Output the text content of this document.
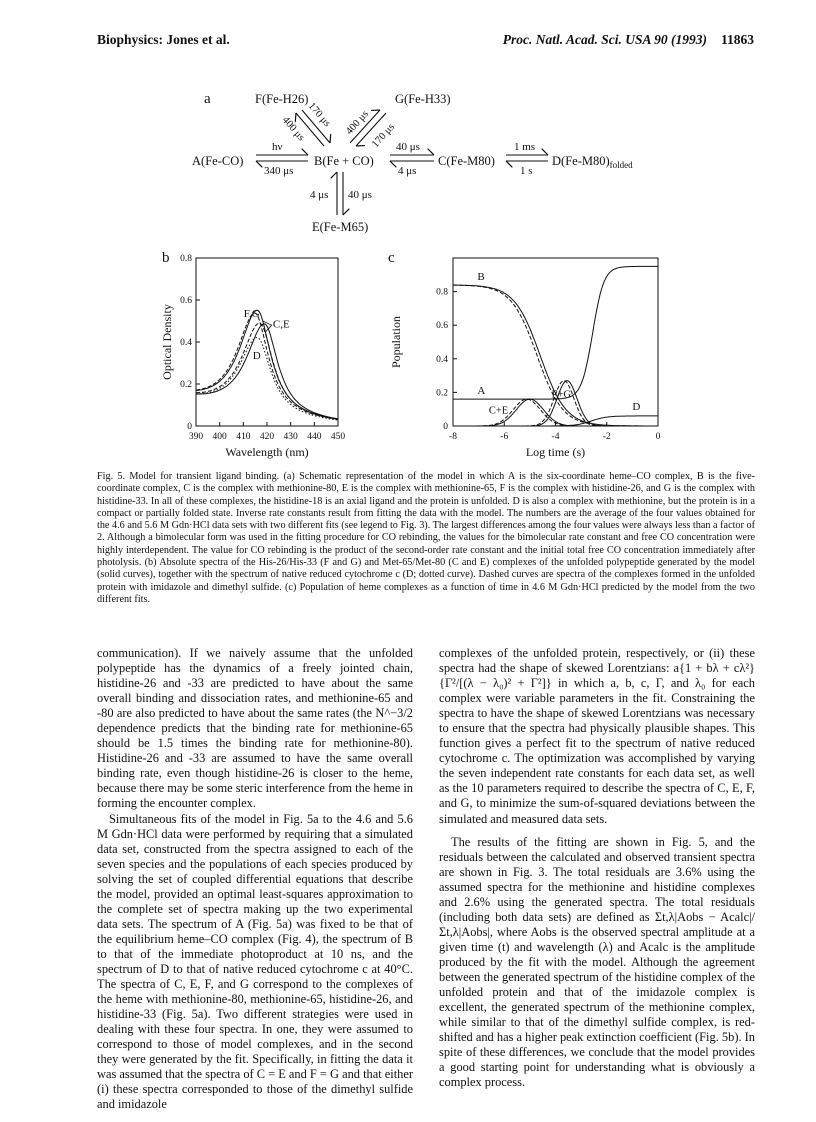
Biophysics: Jones et al.	Proc. Natl. Acad. Sci. USA 90 (1993) 11863
a	F(Fe-H26)	G(Fe-H33)
A(Fe-CO)	B(Fe + CO)	C(Fe-M80)	$D(Fe-M80)_{folded}$
E(Fe-M65)
hν
340 μs
40 μs
4 μs
1 ms
1 s
4 μs 40 μs
170 μs
400 μs	400 μs 170 μs
b
390 400 410 420 430 440 450
0
0.2
0.4
0.6
0.8
Wavelength (nm)
Optical Density	F,G
C,E
D
c
-8	-6	-4	-2	0
0
0.2
0.4
0.6
0.8
Log time (s)
Population
B
A
C+E
F+G
D
Fig. 5. Model for transient ligand binding. (a) Schematic representation of the model in which A is the six-coordinate heme–CO complex, B is the five-coordinate complex, C is the complex with methionine-80, E is the complex with methionine-65, F is the complex with histidine-26, and G is the complex with histidine-33. In all of these complexes, the histidine-18 is an axial ligand and the protein is unfolded. D is also a complex with methionine, but the protein is in a compact or partially folded state. Inverse rate constants result from fitting the data with the model. The numbers are the average of the four values obtained for the 4.6 and 5.6 M Gdn·HCl data sets with two different fits (see legend to Fig. 3). The largest differences among the four values were always less than a factor of 2. Although a bimolecular form was used in the fitting procedure for CO rebinding, the values for the bimolecular rate constant and free CO concentration were highly interdependent. The value for CO rebinding is the product of the second-order rate constant and the initial total free CO concentration immediately after photolysis. (b) Absolute spectra of the His-26/His-33 (F and G) and Met-65/Met-80 (C and E) complexes of the unfolded polypeptide generated by the model (solid curves), together with the spectrum of native reduced cytochrome c (D; dotted curve). Dashed curves are spectra of the complexes formed in the unfolded protein with imidazole and dimethyl sulfide. (c) Population of heme complexes as a function of time in 4.6 M Gdn·HCl predicted by the model from the two different fits.

communication). If we naively assume that the unfolded polypeptide has the dynamics of a freely jointed chain, histidine-26 and -33 are predicted to have about the same overall binding and dissociation rates, and methionine-65 and -80 are also predicted to have about the same rates (the N^−3/2 dependence predicts that the binding rate for methionine-65 should be 1.5 times the binding rate for methionine-80). Histidine-26 and -33 are assumed to have the same overall binding rate, even though histidine-26 is closer to the heme, because there may be some steric interference from the heme in forming the encounter complex.

Simultaneous fits of the model in Fig. 5a to the 4.6 and 5.6 M Gdn·HCl data were performed by requiring that a simulated data set, constructed from the spectra assigned to each of the seven species and the populations of each species produced by solving the set of coupled differential equations that describe the model, provided an optimal least-squares approximation to the complete set of spectra making up the two experimental data sets. The spectrum of A (Fig. 5a) was fixed to be that of the equilibrium heme–CO complex (Fig. 4), the spectrum of B to that of the immediate photoproduct at 10 ns, and the spectrum of D to that of native reduced cytochrome c at 40°C. The spectra of C, E, F, and G correspond to the complexes of the heme with methionine-80, methionine-65, histidine-26, and histidine-33 (Fig. 5a). Two different strategies were used in dealing with these four spectra. In one, they were assumed to correspond to those of model complexes, and in the second they were generated by the fit. Specifically, in fitting the data it was assumed that the spectra of C = E and F = G and that either (i) these spectra corresponded to those of the dimethyl sulfide and imidazole

complexes of the unfolded protein, respectively, or (ii) these spectra had the shape of skewed Lorentzians: a{1 + bλ + cλ²}{Γ²/[(λ − λ₀)² + Γ²]} in which a, b, c, Γ, and λ₀ for each complex were variable parameters in the fit. Constraining the spectra to have the shape of skewed Lorentzians was necessary to ensure that the spectra had physically plausible shapes. This function gives a perfect fit to the spectrum of native reduced cytochrome c. The optimization was accomplished by varying the seven independent rate constants for each data set, as well as the 10 parameters required to describe the spectra of C, E, F, and G, to minimize the sum-of-squared deviations between the simulated and measured data sets.

The results of the fitting are shown in Fig. 5, and the residuals between the calculated and observed transient spectra are shown in Fig. 3. The total residuals are 3.6% using the assumed spectra for the methionine and histidine complexes and 2.6% using the generated spectra. The total residuals (including both data sets) are defined as Σt,λ|Aobs − Acalc|/Σt,λ|Aobs|, where Aobs is the observed spectral amplitude at a given time (t) and wavelength (λ) and Acalc is the amplitude produced by the fit with the model. Although the agreement between the generated spectrum of the histidine complex of the unfolded protein and that of the imidazole complex is excellent, the generated spectrum of the methionine complex, while similar to that of the dimethyl sulfide complex, is red-shifted and has a higher peak extinction coefficient (Fig. 5b). In spite of these differences, we conclude that the model provides a good starting point for understanding what is obviously a complex process.
